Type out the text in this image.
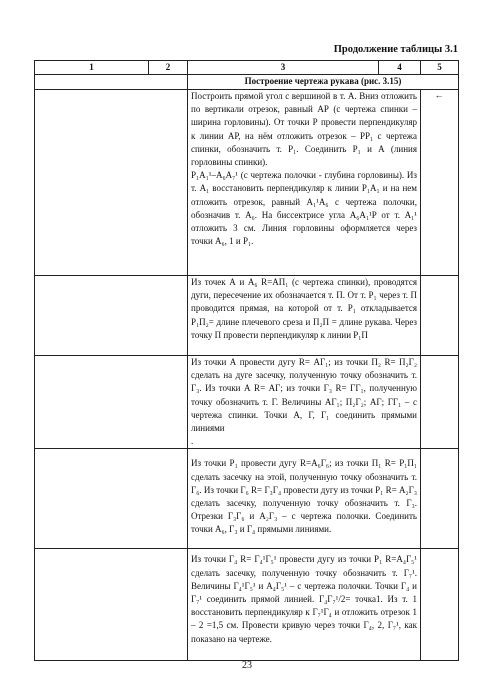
Продолжение таблицы 3.1
1	2	3	4	5
		Построение чертежа рукава (рис. 3.15)		

		Построить прямой угол с вершиной в т. А. Вниз отложить по вертикали отрезок, равный АР (с чертежа спинки – ширина горловины). От точки Р провести перпендикуляр к линии АР, на нём отложить отрезок – РР₁ с чертежа спинки, обозначить т. Р₁. Соединить Р₁ и А (линия горловины спинки).

Р₁А₁¹–А₆А₇¹ (с чертежа полочки - глубина горловины). Из т. А₁ восстановить перпендикуляр к линии Р₁А₁ и на нем отложить отрезок, равный А₁¹А₆ с чертежа полочки, обозначив т. А₆. На биссектрисе угла А₆А₁¹Р от т. А₁¹ отложить 3 см. Линия горловины оформляется через точки А₆, 1 и Р₁.		↑

		Из точек А и А₆ R=АП₁ (с чертежа спинки), проводятся дуги, пересечение их обозначается т. П. От т. Р₁ через т. П проводится прямая, на которой от т. Р₁ откладывается Р₁П₂= длине плечевого среза и П₂П = длине рукава. Через точку П провести перпендикуляр к линии Р₁П		

		Из точки А провести дугу R= АГ₁; из точки П₂ R= П₂Г₂ сделать на дуге засечку, полученную точку обозначить т. Г₃. Из точки А R= АГ; из точки Г₃ R= ГГ₁, полученную точку обозначить т. Г. Величины АГ₁; П₂Г₂; АГ; ГГ₁ – с чертежа спинки. Точки А, Г, Г₁ соединить прямыми линиями

.		

		Из точки Р₁ провести дугу R=А₆Г₆; из точки П₁ R= Р₁П₁ сделать засечку на этой, полученную точку обозначить т. Г₆. Из точки Г₆ R= Г₃Г₄ провести дугу из точки Р₁ R= А₂Г₃ сделать засечку, полученную точку обозначить т. Г₃. Отрезки Г₃Г₆ и А₂Г₃ – с чертежа полочки. Соединить точки А₆, Г₃ и Г₄ прямыми линиями.		

		Из точки Г₄ R= Г₄¹Г₅¹ провести дугу из точки Р₁ R=А₄Г₅¹ сделать засечку, полученную точку обозначить т. Г₇¹. Величины Г₄¹Г₅¹ и А₄Г₅¹ – с чертежа полочки. Точки Г₄ и Г₇¹ соединить прямой линией. Г₄Г₇¹/2= точка1. Из т. 1 восстановить перпендикуляр к Г₇¹Г₄ и отложить отрезок 1 – 2 =1,5 см. Провести кривую через точки Г₄, 2, Г₇¹, как показано на чертеже.		

23
